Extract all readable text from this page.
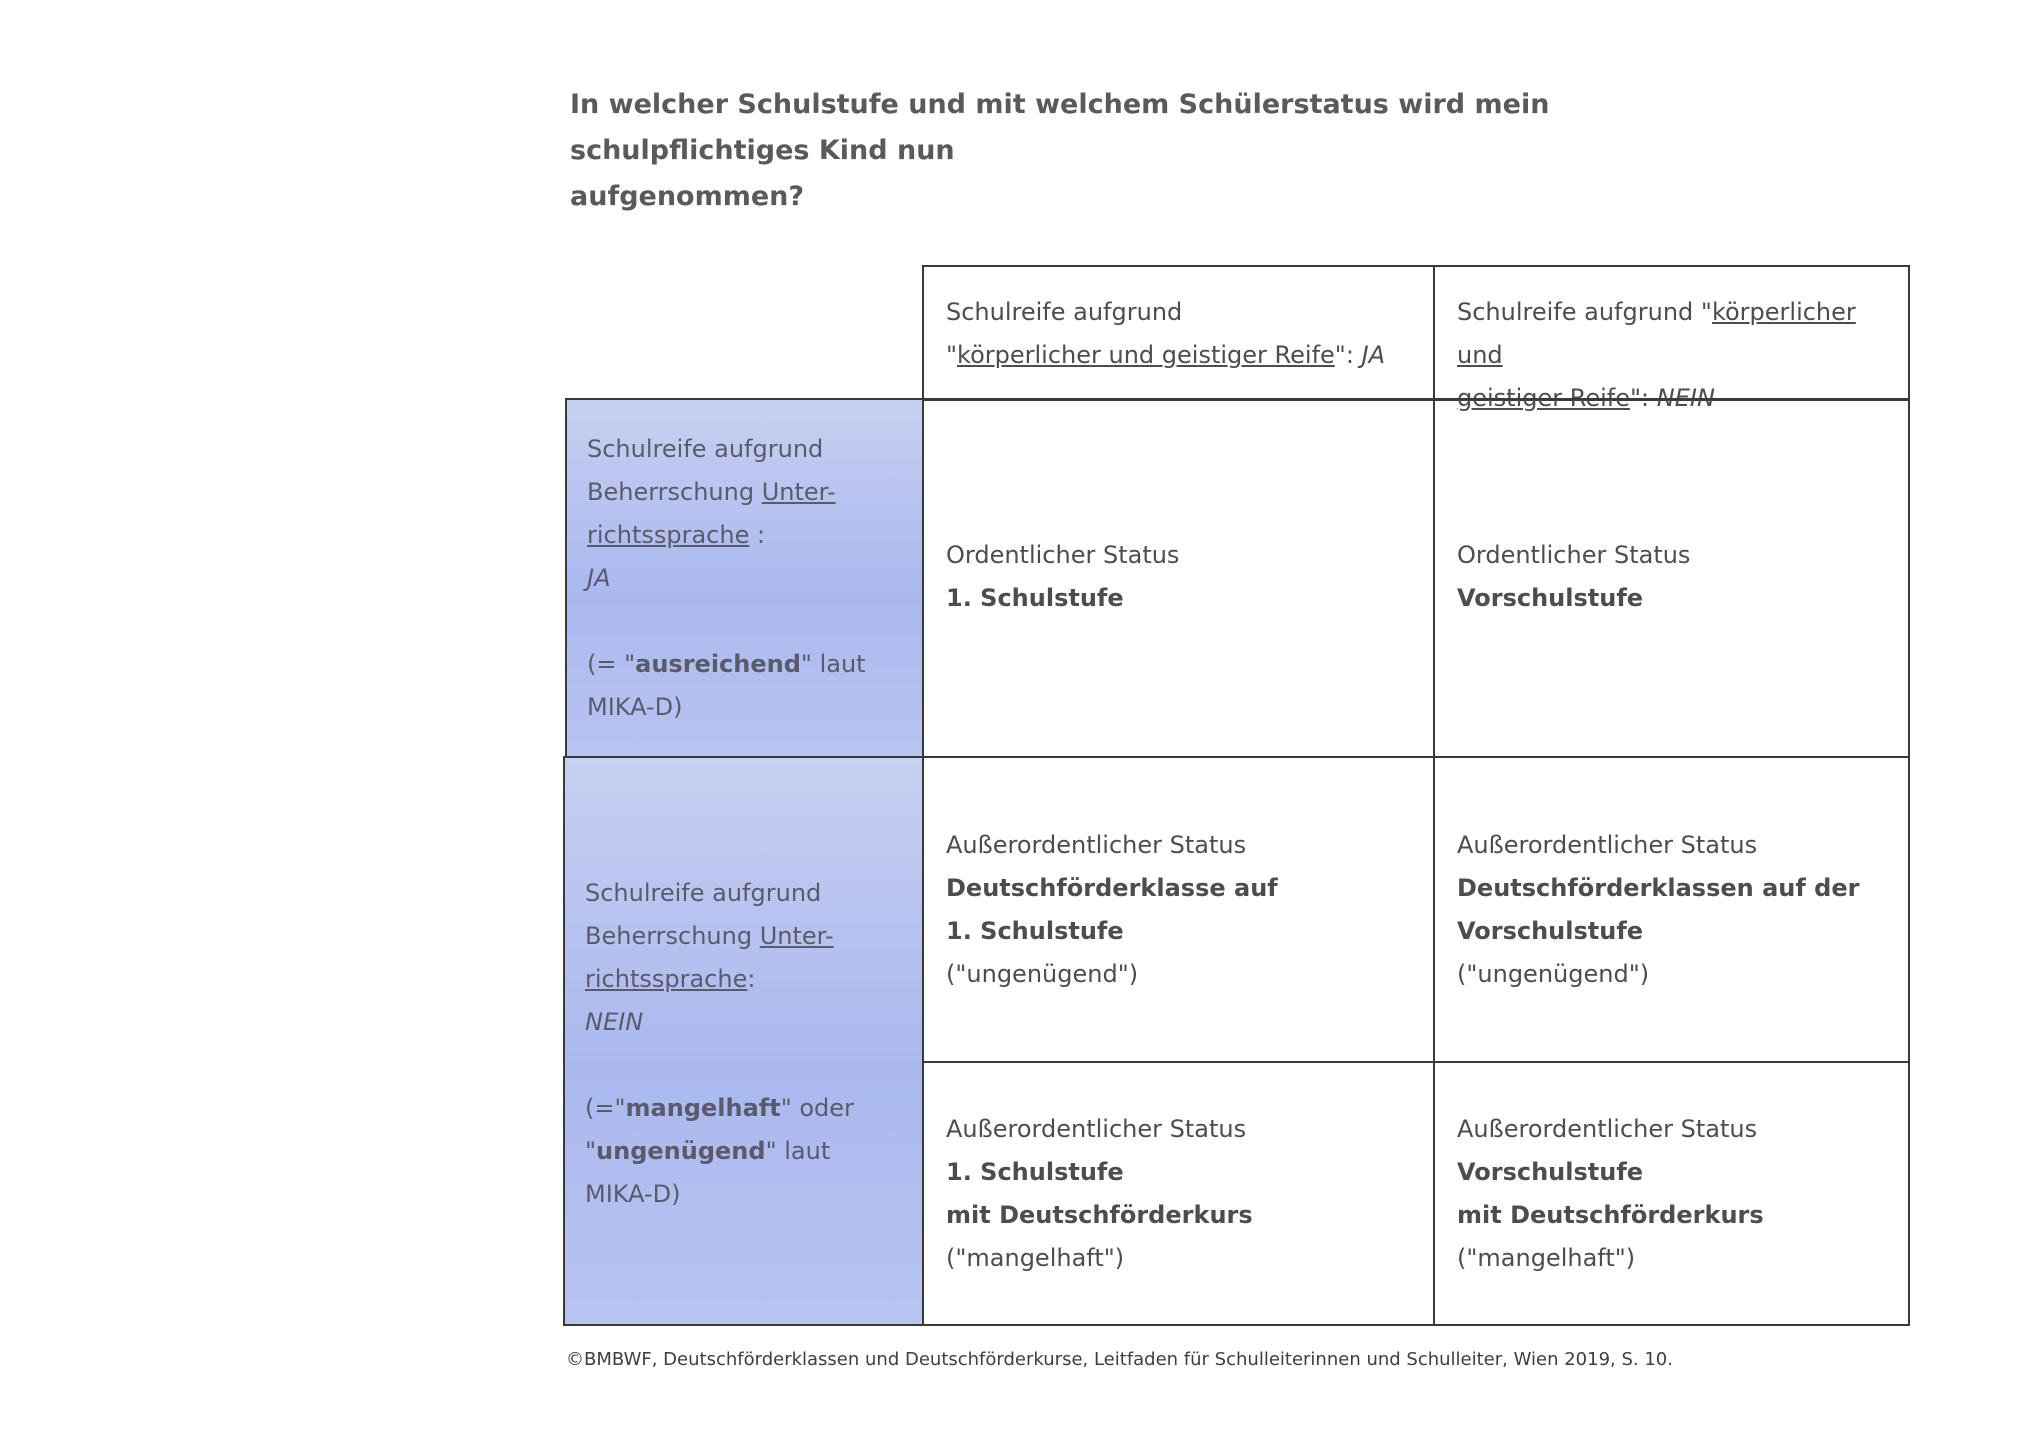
In welcher Schulstufe und mit welchem Schülerstatus wird mein schulpflichtiges Kind nun
aufgenommen?
Schulreife aufgrund
"körperlicher und geistiger Reife": JA
Schulreife aufgrund "körperlicher und
geistiger Reife": NEIN
Schulreife aufgrund
Beherrschung Unter-
richtssprache :
JA
(= "ausreichend" laut
MIKA-D)
Schulreife aufgrund
Beherrschung Unter-
richtssprache:
NEIN
(="mangelhaft" oder
"ungenügend" laut
MIKA-D)
Ordentlicher Status
1. Schulstufe
Ordentlicher Status
Vorschulstufe
Außerordentlicher Status
Deutschförderklasse auf
1. Schulstufe
("ungenügend")
Außerordentlicher Status
Deutschförderklassen auf der
Vorschulstufe
("ungenügend")
Außerordentlicher Status
1. Schulstufe
mit Deutschförderkurs
("mangelhaft")
Außerordentlicher Status
Vorschulstufe
mit Deutschförderkurs
("mangelhaft")
©BMBWF, Deutschförderklassen und Deutschförderkurse, Leitfaden für Schulleiterinnen und Schulleiter, Wien 2019, S. 10.
